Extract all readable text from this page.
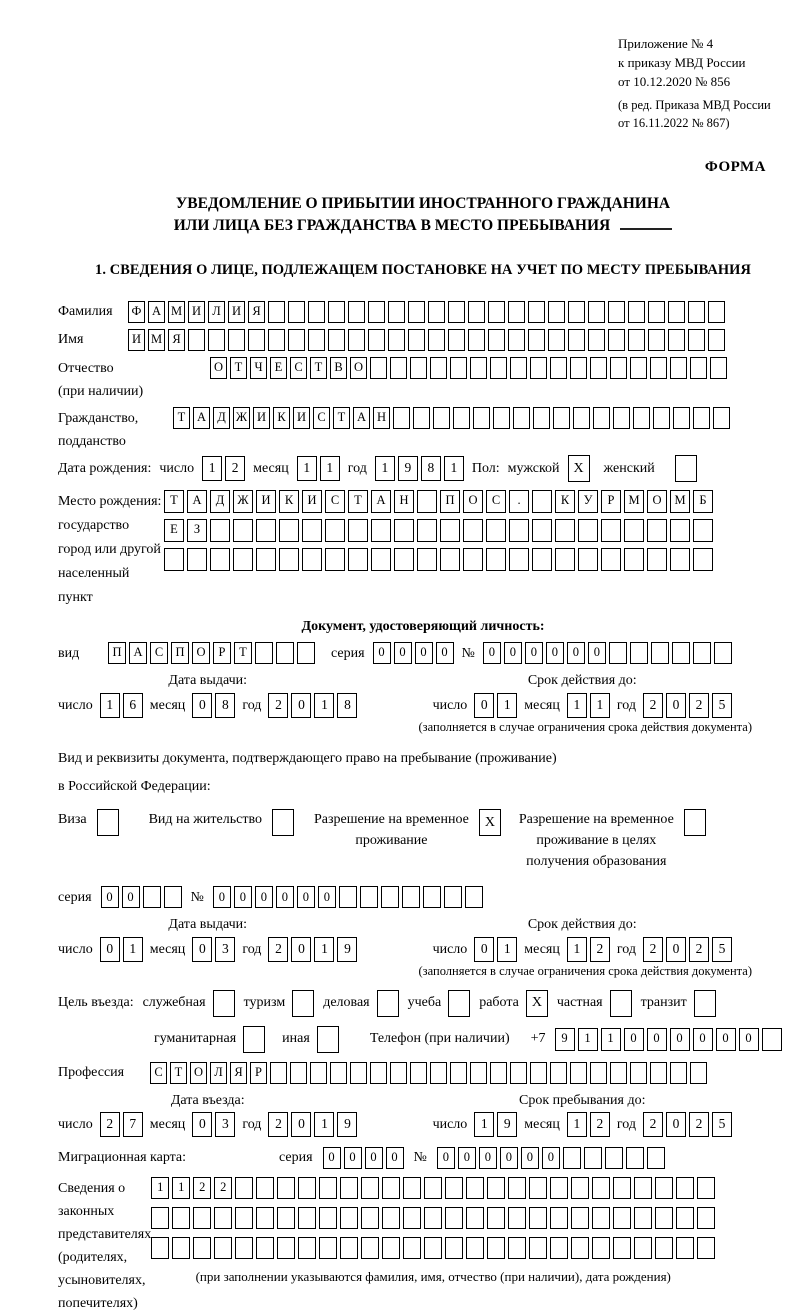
Приложение № 4
к приказу МВД России
от 10.12.2020 № 856
(в ред. Приказа МВД России
от 16.11.2022 № 867)
ФОРМА
УВЕДОМЛЕНИЕ О ПРИБЫТИИ ИНОСТРАННОГО ГРАЖДАНИНА
ИЛИ ЛИЦА БЕЗ ГРАЖДАНСТВА В МЕСТО ПРЕБЫВАНИЯ
1. СВЕДЕНИЯ О ЛИЦЕ, ПОДЛЕЖАЩЕМ ПОСТАНОВКЕ НА УЧЕТ ПО МЕСТУ ПРЕБЫВАНИЯ
Фамилия	Ф А М И Л И Я
Имя	И М Я
Отчество
(при наличии)
О Т Ч Е С Т В О
Гражданство,
подданство
Т А Д Ж И К И С Т А Н
Дата рождения: число	1	2	месяц	1	1	год	1	9	8	1	Пол: мужской X	женский
Место рождения:
государство
город или другой
населенный пункт
Т	А	Д	Ж	И	К	И	С	Т	А	Н	П	О	С	.	К	У	Р	М	О	М	Б
Е	З
Документ, удостоверяющий личность:
вид	П А С П О	Р	Т	серия	0	0	0	0 №	0	0	0	0	0	0
Дата выдачи:
число	1	6 месяц	0	8 год	2	0	1	8
Срок действия до:
число	0	1 месяц	1	1 год	2	0	2	5
(заполняется в случае ограничения срока действия документа)
Вид и реквизиты документа, подтверждающего право на пребывание (проживание)
в Российской Федерации:
Виза	Вид на жительство	Разрешение на временное
проживание
X	Разрешение на временное
проживание в целях
получения образования
серия	0	0	№	0	0	0	0	0	0
Дата выдачи:
число	0	1 месяц	0	3 год	2	0	1	9
Срок действия до:
число	0	1 месяц	1	2 год	2	0	2	5
(заполняется в случае ограничения срока действия документа)
Цель въезда: служебная	туризм	деловая	учеба	работа X	частная	транзит
гуманитарная	иная	Телефон (при наличии) +7	9	1	1	0	0	0	0	0	0
Профессия	С Т О Л Я Р
Дата въезда:
число	2	7 месяц	0	3 год	2	0	1	9
Срок пребывания до:
число	1	9 месяц	1	2 год	2	0	2	5
Миграционная карта:	серия	0	0	0	0	№	0	0	0	0	0	0
Сведения о
законных
представителях
(родителях,
усыновителях,
попечителях)
1	1	2	2
(при заполнении указываются фамилия, имя, отчество (при наличии), дата рождения)
